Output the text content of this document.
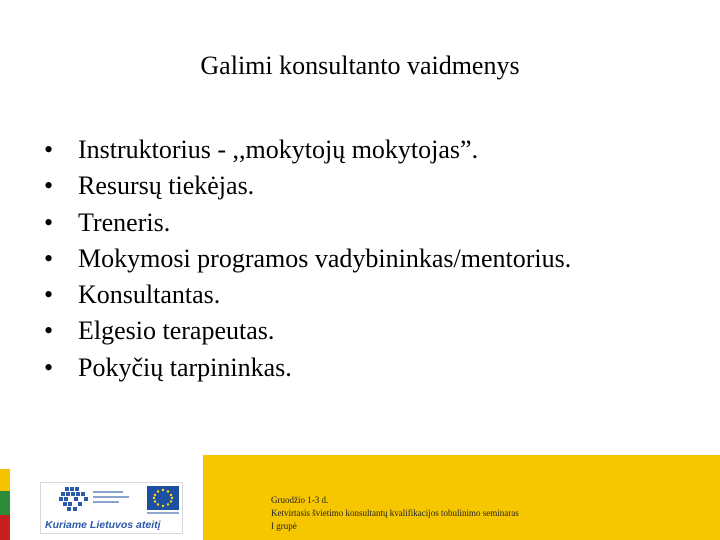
Galimi konsultanto vaidmenys
• Instruktorius - ,,mokytojų mokytojas”.
• Resursų tiekėjas.
• Treneris.
• Mokymosi programos vadybininkas/mentorius.
• Konsultantas.
• Elgesio terapeutas.
• Pokyčių tarpininkas.
Kuriame Lietuvos ateitį
Gruodžio 1-3 d.
Ketvirtasis švietimo konsultantų kvalifikacijos tobulinimo seminaras
I grupė
